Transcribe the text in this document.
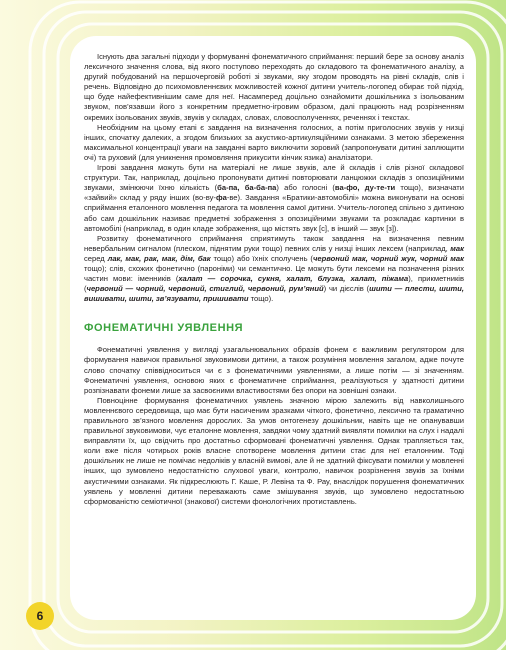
Існують два загальні підходи у формуванні фонематичного сприймання: перший бере за основу аналіз лексичного значення слова, від якого поступово переходять до складового та фонематичного аналізу, а другий побудований на першочерговій роботі зі звуками, яку згодом проводять на рівні складів, слів і речень. Відповідно до психомовленнєвих можливостей кожної дитини учитель-логопед обирає той підхід, що буде найефективнішим саме для неї. Насамперед доцільно ознайомити дошкільника з ізольованим звуком, пов’язавши його з конкретним предметно-ігровим образом, далі працюють над розрізненням окремих ізольованих звуків, звуків у складах, словах, словосполученнях, реченнях і текстах.

Необхідним на цьому етапі є завдання на визначення голосних, а потім приголосних звуків у низці інших, спочатку далеких, а згодом близьких за акустико-артикуляційними ознаками. З метою збереження максимальної концентрації уваги на завданні варто виключити зоровий (запропонувати дитині заплющити очі) та руховий (для уникнення промовляння прикусити кінчик язика) аналізатори.

Ігрові завдання можуть бути на матеріалі не лише звуків, але й складів і слів різної складової структури. Так, наприклад, доцільно пропонувати дитині повторювати ланцюжки складів з опозиційними звуками, змінюючи їхню кількість (ба-па, ба-ба-па) або голосні (ва-фо, ду-те-ти тощо), визначати «зайвий» склад у ряду інших (во-ву-фа-ве). Завдання «Братики-автомобілі» можна виконувати на основі сприймання еталонного мовлення педагога та мовлення самої дитини. Учитель-логопед спільно з дитиною або сам дошкільник називає предметні зображення з опозиційними звуками та розкладає картинки в автомобілі (наприклад, в один кладе зображення, що містять звук [с], в інший — звук [з]).

Розвитку фонематичного сприймання сприятимуть також завдання на визначення певним невербальним сигналом (плеском, піднятим руки тощо) певних слів у низці інших лексем (наприклад, мак серед лак, мак, рак, мак, дім, бак тощо) або їхніх сполучень (червоний мак, чорний жук, чорний мак тощо); слів, схожих фонетично (пароніми) чи семантично. Це можуть бути лексеми на позначення різних частин мови: іменників (халат — сорочка, сукня, халат, блузка, халат, піжама), прикметників (червоний — чорний, червоний, стиглий, червоний, рум’яний) чи дієслів (шити — плести, шити, вишивати, шити, зв’язувати, пришивати тощо).

ФОНЕМАТИЧНІ УЯВЛЕННЯ

Фонематичні уявлення у вигляді узагальнювальних образів фонем є важливим регулятором для формування навичок правильної звуковимови дитини, а також розуміння мовлення загалом, адже почуте слово спочатку співвідноситься чи є з фонематичними уявленнями, а лише потім — зі значенням. Фонематичні уявлення, основою яких є фонематичне сприймання, реалізуються у здатності дитини розпізнавати фонеми лише за засвоєними властивостями без опори на зовнішні ознаки.

Повноцінне формування фонематичних уявлень значною мірою залежить від навколишнього мовленнєвого середовища, що має бути насиченим зразками чіткого, фонетично, лексично та граматично правильного зв’язного мовлення дорослих. За умов онтогенезу дошкільник, навіть ще не опанувавши правильної звуковимови, чує еталонне мовлення, завдяки чому здатний виявляти помилки на слух і надалі виправляти їх, що свідчить про достатньо сформовані фонематичні уявлення. Однак трапляється так, коли вже після чотирьох років власне спотворене мовлення дитини стає для неї еталонним. Тоді дошкільник не лише не помічає недоліків у власній вимові, але й не здатний фіксувати помилки у мовленні інших, що зумовлено недостатністю слухової уваги, контролю, навичок розрізнення звуків за їхніми акустичними ознаками. Як підкреслюють Г. Каше, Р. Левіна та Ф. Рау, внаслідок порушення фонематичних уявлень у мовленні дитини переважають саме змішування звуків, що зумовлено недостатньою сформованістю семіотичної (знакової) системи фонологічних протиставлень.

6
